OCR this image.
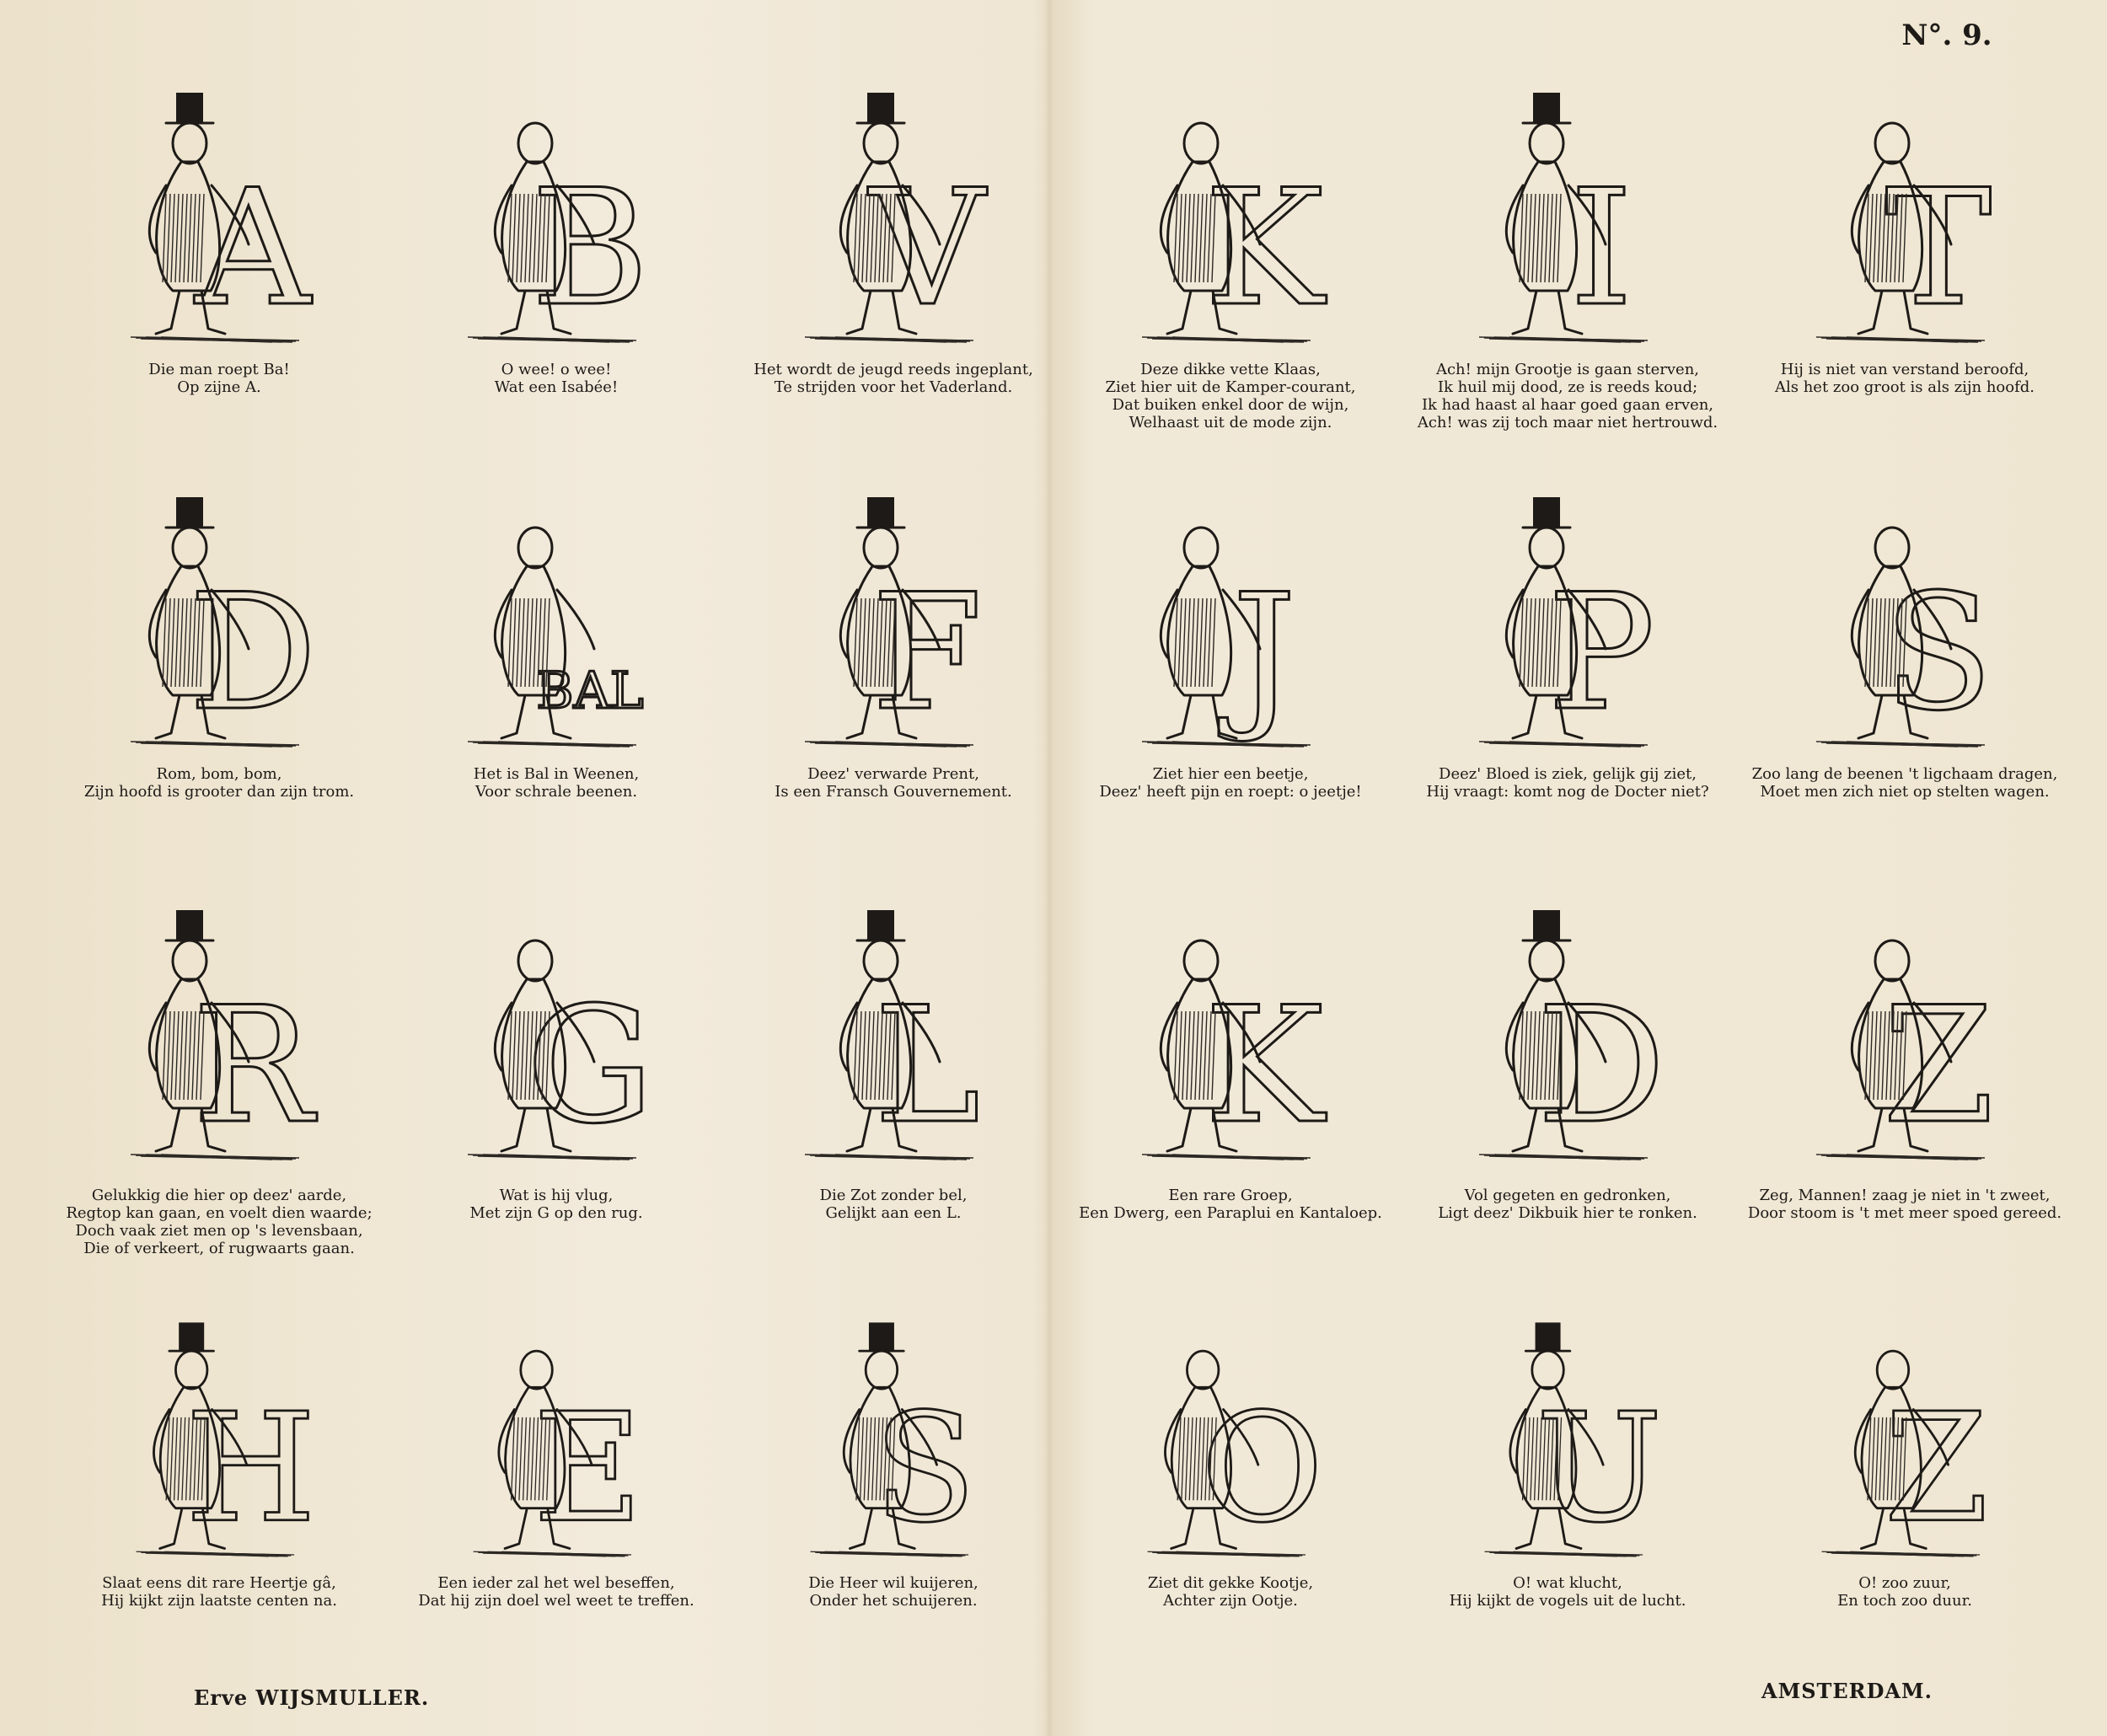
N°. 9.
A
Die man roept Ba!
Op zijne A.
B
O wee! o wee!
Wat een Isabée!
V
Het wordt de jeugd reeds ingeplant,
Te strijden voor het Vaderland.
K
Deze dikke vette Klaas,
Ziet hier uit de Kamper-courant,
Dat buiken enkel door de wijn,
Welhaast uit de mode zijn.
I
Ach! mijn Grootje is gaan sterven,
Ik huil mij dood, ze is reeds koud;
Ik had haast al haar goed gaan erven,
Ach! was zij toch maar niet hertrouwd.
T
Hij is niet van verstand beroofd,
Als het zoo groot is als zijn hoofd.
D
Rom, bom, bom,
Zijn hoofd is grooter dan zijn trom.
BAL
Het is Bal in Weenen,
Voor schrale beenen.
F
Deez' verwarde Prent,
Is een Fransch Gouvernement.
J
Ziet hier een beetje,
Deez' heeft pijn en roept: o jeetje!
P
Deez' Bloed is ziek, gelijk gij ziet,
Hij vraagt: komt nog de Docter niet?
S
Zoo lang de beenen 't ligchaam dragen,
Moet men zich niet op stelten wagen.
R
Gelukkig die hier op deez' aarde,
Regtop kan gaan, en voelt dien waarde;
Doch vaak ziet men op 's levensbaan,
Die of verkeert, of rugwaarts gaan.
G
Wat is hij vlug,
Met zijn G op den rug.
L
Die Zot zonder bel,
Gelijkt aan een L.
K
Een rare Groep,
Een Dwerg, een Paraplui en Kantaloep.
D
Vol gegeten en gedronken,
Ligt deez' Dikbuik hier te ronken.
Z
Zeg, Mannen! zaag je niet in 't zweet,
Door stoom is 't met meer spoed gereed.
H
Slaat eens dit rare Heertje gâ,
Hij kijkt zijn laatste centen na.
E
Een ieder zal het wel beseffen,
Dat hij zijn doel wel weet te treffen.
S
Die Heer wil kuijeren,
Onder het schuijeren.
O
Ziet dit gekke Kootje,
Achter zijn Ootje.
U
O! wat klucht,
Hij kijkt de vogels uit de lucht.
Z
O! zoo zuur,
En toch zoo duur.
Erve WIJSMULLER.	AMSTERDAM.
